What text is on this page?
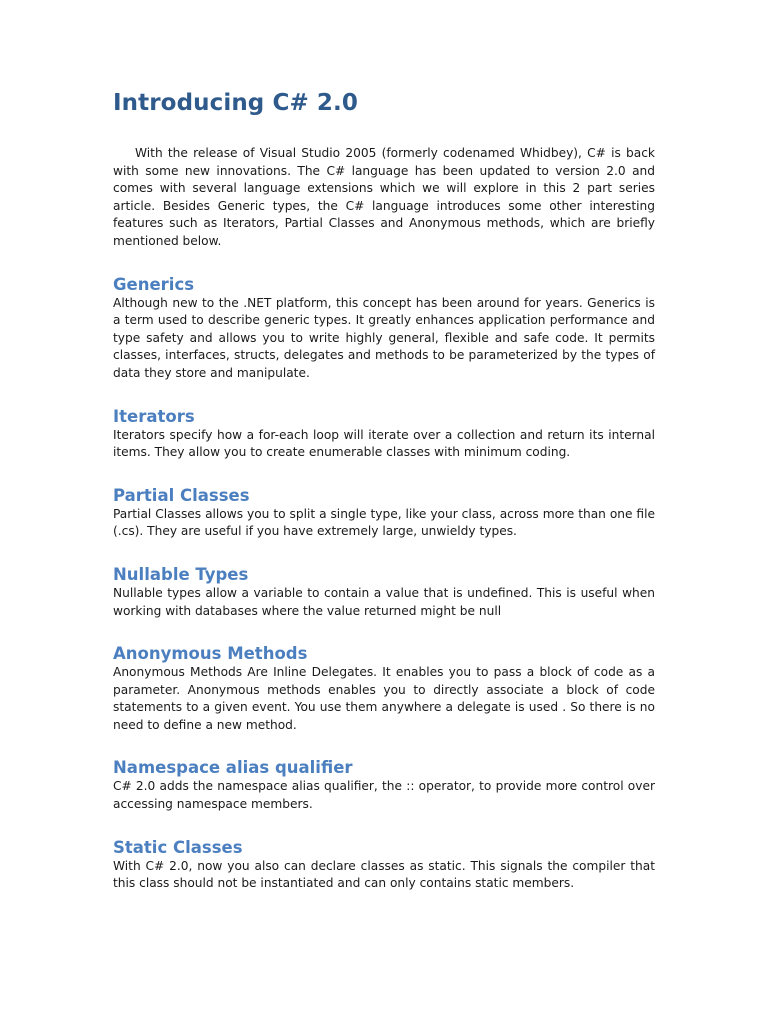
Introducing C# 2.0

With the release of Visual Studio 2005 (formerly codenamed Whidbey), C# is back with some new innovations. The C# language has been updated to version 2.0 and comes with several language extensions which we will explore in this 2 part series article. Besides Generic types, the C# language introduces some other interesting features such as Iterators, Partial Classes and Anonymous methods, which are briefly mentioned below.

Generics

Although new to the .NET platform, this concept has been around for years. Generics is a term used to describe generic types. It greatly enhances application performance and type safety and allows you to write highly general, flexible and safe code. It permits classes, interfaces, structs, delegates and methods to be parameterized by the types of data they store and manipulate.

Iterators

Iterators specify how a for-each loop will iterate over a collection and return its internal items. They allow you to create enumerable classes with minimum coding.

Partial Classes

Partial Classes allows you to split a single type, like your class, across more than one file (.cs). They are useful if you have extremely large, unwieldy types.

Nullable Types

Nullable types allow a variable to contain a value that is undefined. This is useful when working with databases where the value returned might be null

Anonymous Methods

Anonymous Methods Are Inline Delegates. It enables you to pass a block of code as a parameter. Anonymous methods enables you to directly associate a block of code statements to a given event. You use them anywhere a delegate is used . So there is no need to define a new method.

Namespace alias qualifier

C# 2.0 adds the namespace alias qualifier, the :: operator, to provide more control over accessing namespace members.

Static Classes

With C# 2.0, now you also can declare classes as static. This signals the compiler that this class should not be instantiated and can only contains static members.
